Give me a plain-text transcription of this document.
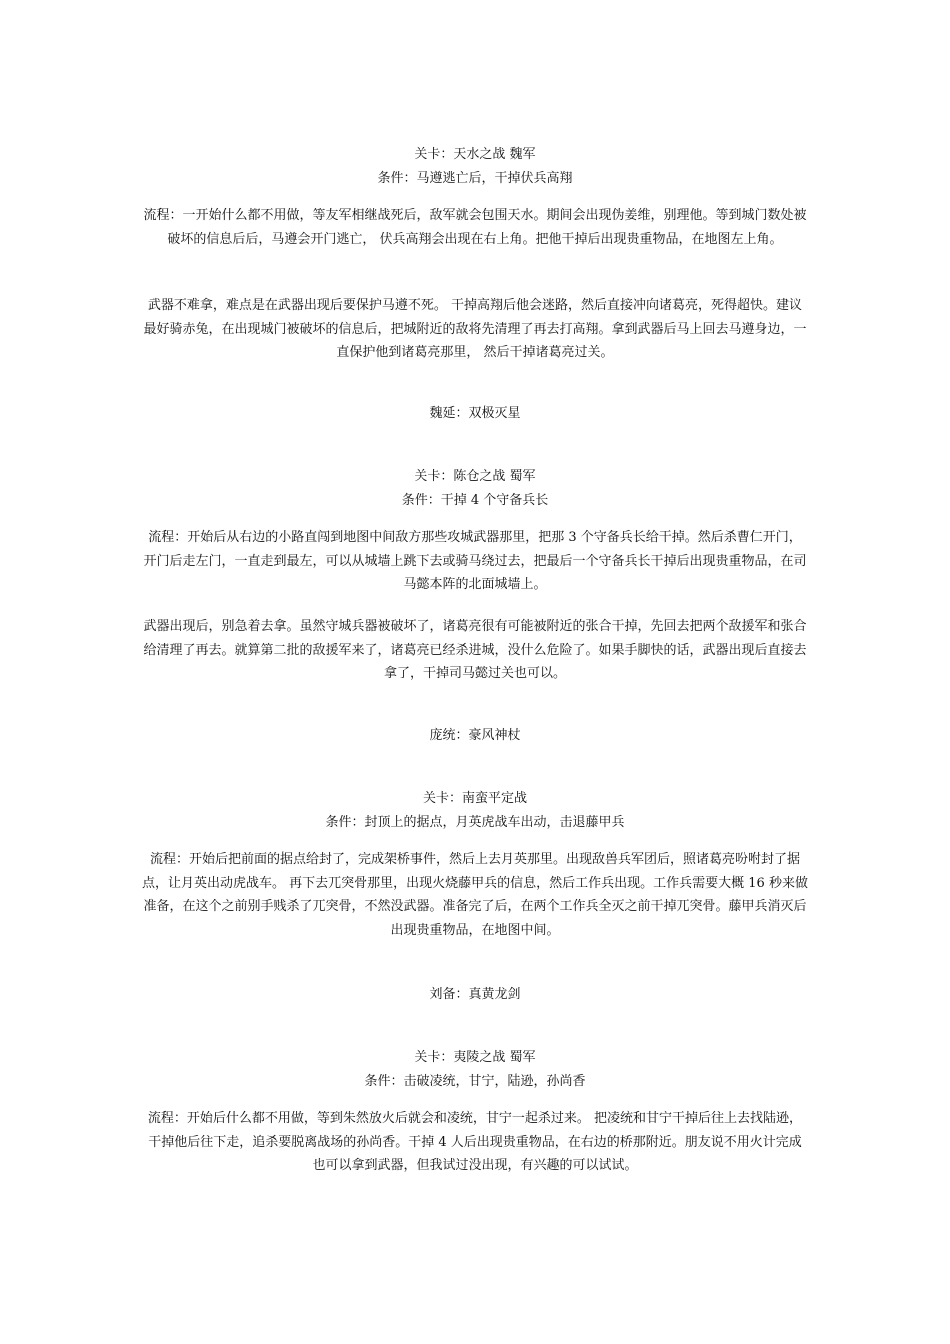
关卡：天水之战 魏军
条件：马遵逃亡后，干掉伏兵高翔
流程：一开始什么都不用做，等友军相继战死后，敌军就会包围天水。期间会出现伪姜维，别理他。等到城门数处被破坏的信息后后，马遵会开门逃亡， 伏兵高翔会出现在右上角。把他干掉后出现贵重物品，在地图左上角。
武器不难拿，难点是在武器出现后要保护马遵不死。 干掉高翔后他会迷路，然后直接冲向诸葛亮，死得超快。建议最好骑赤兔，在出现城门被破坏的信息后，把城附近的敌将先清理了再去打高翔。拿到武器后马上回去马遵身边，一直保护他到诸葛亮那里， 然后干掉诸葛亮过关。
魏延：双极灭星
关卡：陈仓之战 蜀军
条件：干掉 4 个守备兵长
流程：开始后从右边的小路直闯到地图中间敌方那些攻城武器那里，把那 3 个守备兵长给干掉。然后杀曹仁开门， 开门后走左门，一直走到最左，可以从城墙上跳下去或骑马绕过去，把最后一个守备兵长干掉后出现贵重物品，在司马懿本阵的北面城墙上。
武器出现后，别急着去拿。虽然守城兵器被破坏了，诸葛亮很有可能被附近的张合干掉，先回去把两个敌援军和张合给清理了再去。就算第二批的敌援军来了，诸葛亮已经杀进城，没什么危险了。如果手脚快的话，武器出现后直接去拿了，干掉司马懿过关也可以。
庞统：豪风神杖
关卡：南蛮平定战
条件：封顶上的据点，月英虎战车出动，击退藤甲兵
流程：开始后把前面的据点给封了，完成架桥事件，然后上去月英那里。出现敌兽兵军团后，照诸葛亮吩咐封了据点，让月英出动虎战车。 再下去兀突骨那里，出现火烧藤甲兵的信息，然后工作兵出现。工作兵需要大概 16 秒来做准备，在这个之前别手贱杀了兀突骨，不然没武器。准备完了后，在两个工作兵全灭之前干掉兀突骨。藤甲兵消灭后出现贵重物品，在地图中间。
刘备：真黄龙剑
关卡：夷陵之战 蜀军
条件：击破凌统，甘宁，陆逊，孙尚香
流程：开始后什么都不用做，等到朱然放火后就会和凌统，甘宁一起杀过来。 把凌统和甘宁干掉后往上去找陆逊，干掉他后往下走，追杀要脱离战场的孙尚香。干掉 4 人后出现贵重物品，在右边的桥那附近。朋友说不用火计完成也可以拿到武器，但我试过没出现，有兴趣的可以试试。
